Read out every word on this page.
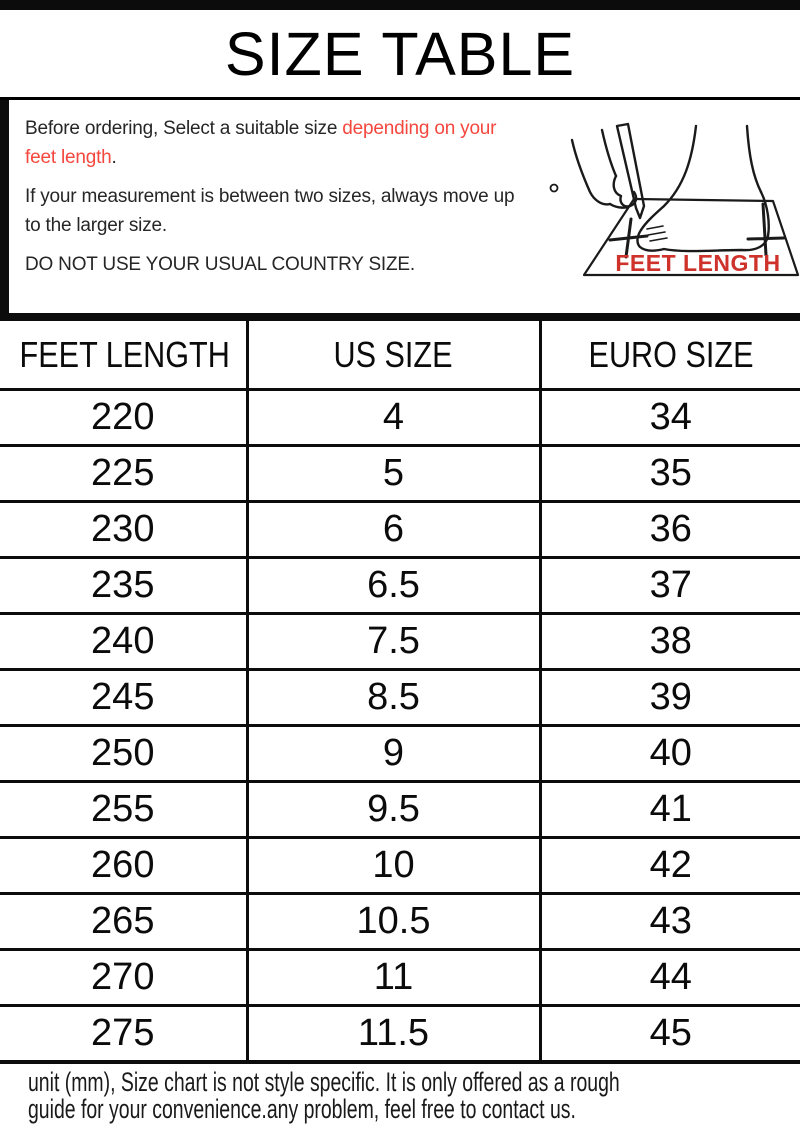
SIZE TABLE

Before ordering, Select a suitable size depending on your
feet length.

If your measurement is between two sizes, always move up
to the larger size.

DO NOT USE YOUR USUAL COUNTRY SIZE.	FEET LENGTH
FEET LENGTH	US SIZE	EURO SIZE
220	4	34
225	5	35
230	6	36
235	6.5	37
240	7.5	38
245	8.5	39
250	9	40
255	9.5	41
260	10	42
265	10.5	43
270	11	44
275	11.5	45
unit (mm), Size chart is not style specific. It is only offered as a rough
guide for your convenience.any problem, feel free to contact us.
